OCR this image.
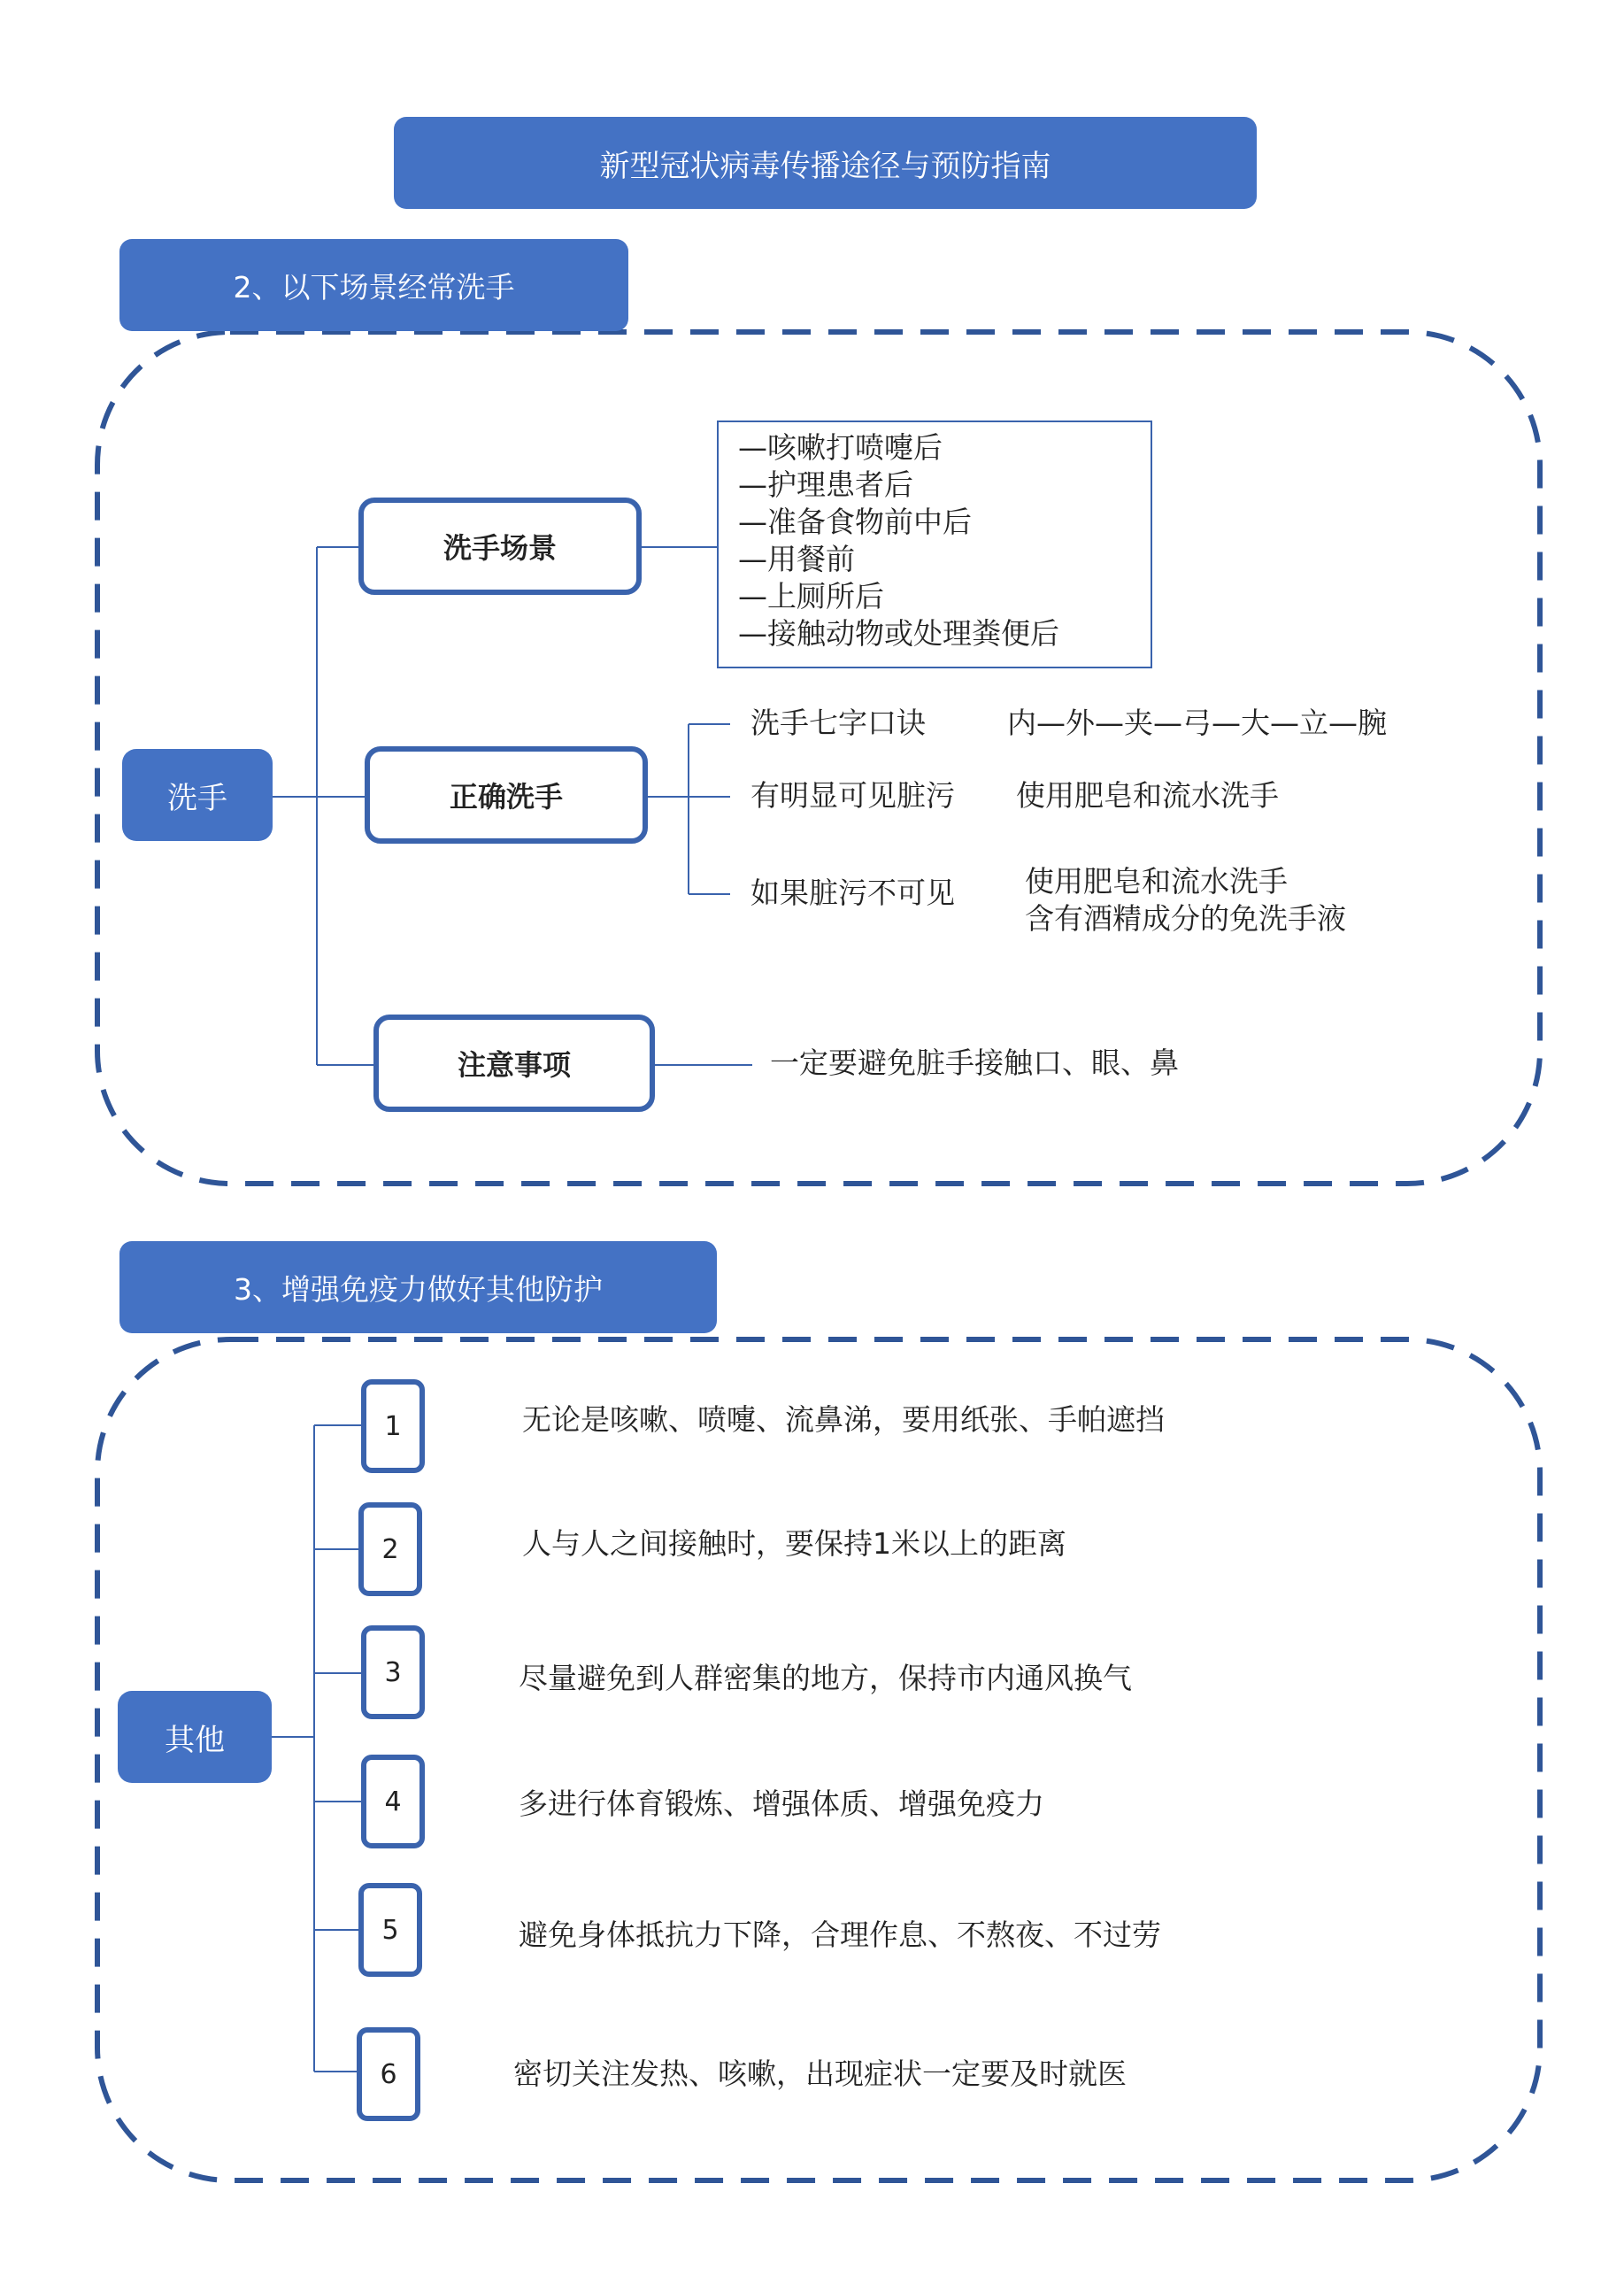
新型冠状病毒传播途径与预防指南
2、以下场景经常洗手
洗手
洗手场景
—咳嗽打喷嚏后
—护理患者后
—准备食物前中后
—用餐前
—上厕所后
—接触动物或处理粪便后
正确洗手
洗手七字口诀	内—外—夹—弓—大—立—腕
有明显可见脏污 使用肥皂和流水洗手
如果脏污不可见 使用肥皂和流水洗手
含有酒精成分的免洗手液
注意事项	一定要避免脏手接触口、眼、鼻
3、增强免疫力做好其他防护
其他
1	无论是咳嗽、喷嚏、流鼻涕，要用纸张、手帕遮挡
2	人与人之间接触时，要保持1米以上的距离
3	尽量避免到人群密集的地方，保持市内通风换气
4	多进行体育锻炼、增强体质、增强免疫力
5	避免身体抵抗力下降，合理作息、不熬夜、不过劳
6	密切关注发热、咳嗽，出现症状一定要及时就医
